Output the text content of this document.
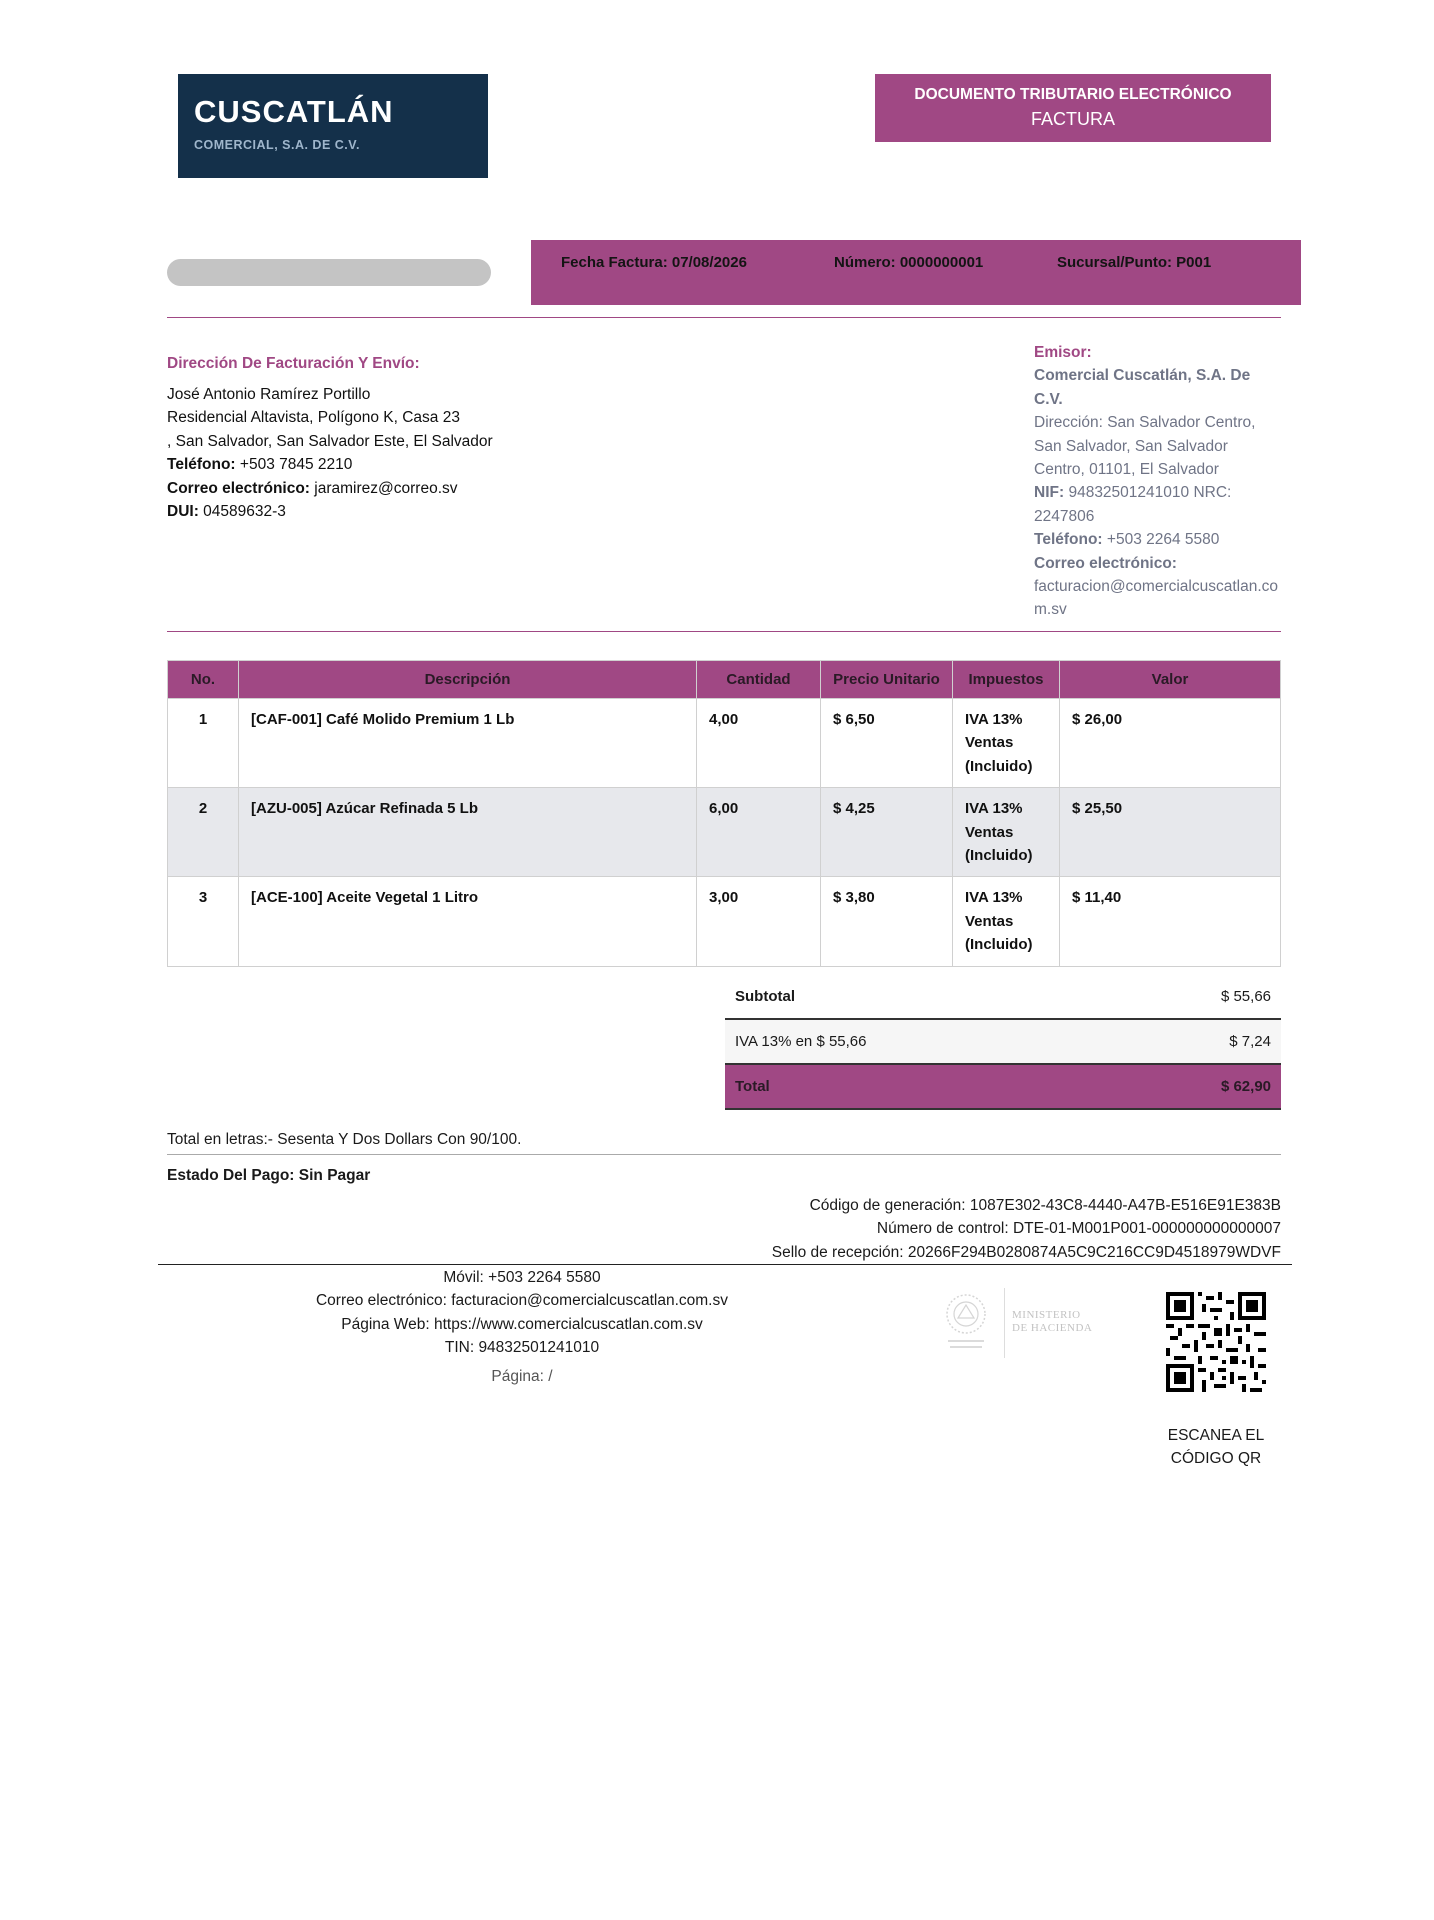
CUSCATLÁN
COMERCIAL, S.A. DE C.V.
DOCUMENTO TRIBUTARIO ELECTRÓNICO
FACTURA
Fecha Factura: 07/08/2026	Número: 0000000001	Sucursal/Punto: P001
Dirección De Facturación Y Envío:
José Antonio Ramírez Portillo
Residencial Altavista, Polígono K, Casa 23
, San Salvador, San Salvador Este, El Salvador
Teléfono: +503 7845 2210
Correo electrónico: jaramirez@correo.sv
DUI: 04589632-3
Emisor:
Comercial Cuscatlán, S.A. De C.V.
Dirección: San Salvador Centro, San Salvador, San Salvador Centro, 01101, El Salvador
NIF: 94832501241010 NRC: 2247806
Teléfono: +503 2264 5580
Correo electrónico:
facturacion@comercialcuscatlan.com.sv
No.	Descripción	Cantidad	Precio Unitario	Impuestos	Valor
1	[CAF-001] Café Molido Premium 1 Lb	4,00	$ 6,50	IVA 13% Ventas (Incluido)	$ 26,00
2	[AZU-005] Azúcar Refinada 5 Lb	6,00	$ 4,25	IVA 13% Ventas (Incluido)	$ 25,50
3	[ACE-100] Aceite Vegetal 1 Litro	3,00	$ 3,80	IVA 13% Ventas (Incluido)	$ 11,40
Subtotal	$ 55,66
IVA 13% en $ 55,66	$ 7,24
Total	$ 62,90
Total en letras:- Sesenta Y Dos Dollars Con 90/100.
Estado Del Pago: Sin Pagar
Código de generación: 1087E302-43C8-4440-A47B-E516E91E383B
Número de control: DTE-01-M001P001-000000000000007
Sello de recepción: 20266F294B0280874A5C9C216CC9D4518979WDVF
Móvil: +503 2264 5580
Correo electrónico: facturacion@comercialcuscatlan.com.sv
Página Web: https://www.comercialcuscatlan.com.sv
TIN: 94832501241010
Página: /
MINISTERIO
DE HACIENDA
ESCANEA EL
CÓDIGO QR
